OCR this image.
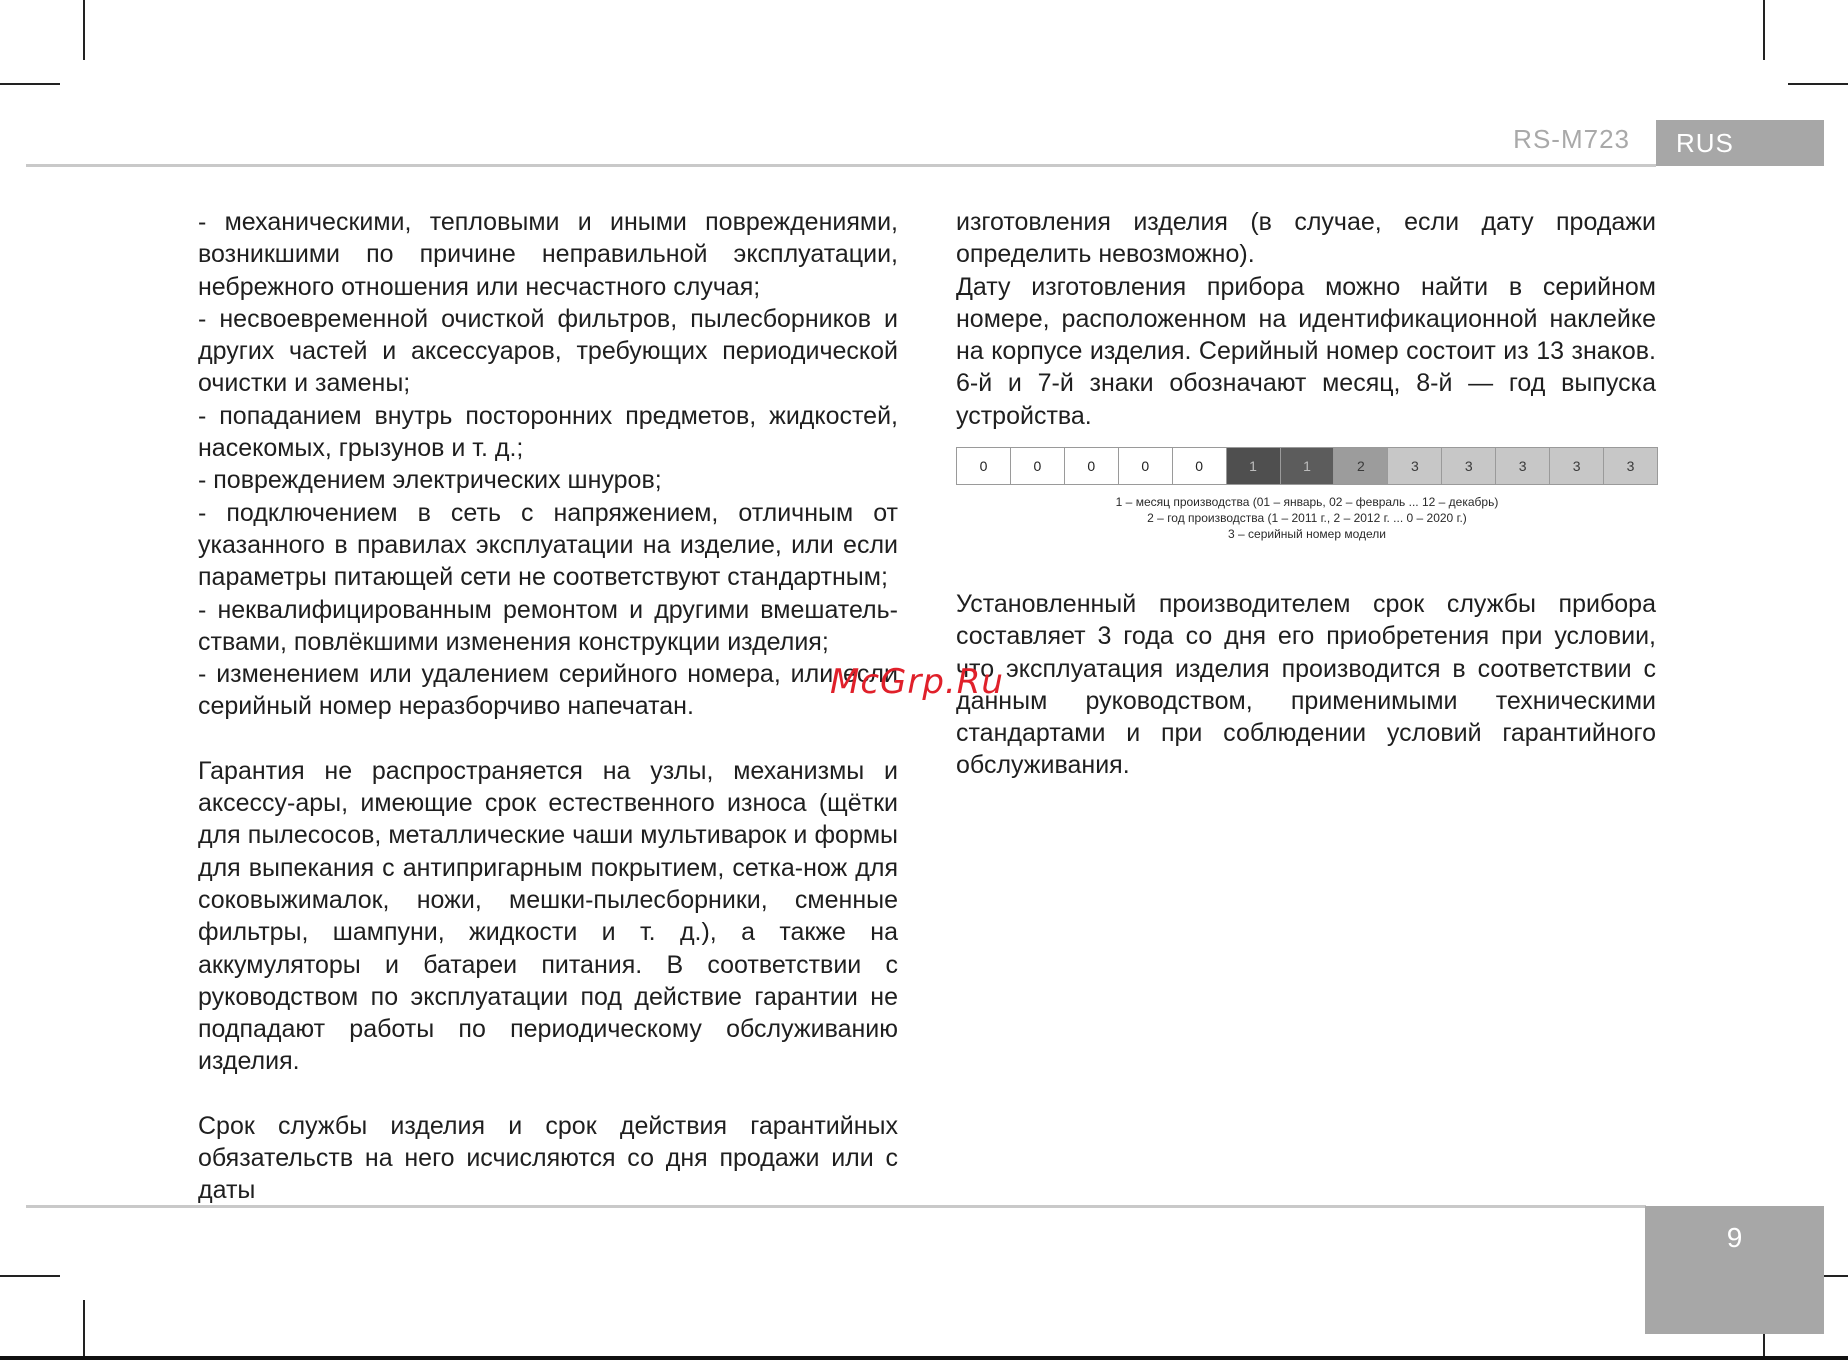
RS-M723	RUS

- механическими, тепловыми и иными повреждениями, возникшими по причине неправильной эксплуатации, небрежного отношения или несчастного случая;

- несвоевременной очисткой фильтров, пылесборников и других частей и аксессуаров, требующих периодической очистки и замены;

- попаданием внутрь посторонних предметов, жидкостей, насекомых, грызунов и т. д.;

- повреждением электрических шнуров;

- подключением в сеть с напряжением, отличным от указанного в правилах эксплуатации на изделие, или если параметры питающей сети не соответствуют стандартным;

- неквалифицированным ремонтом и другими вмешатель-ствами, повлёкшими изменения конструкции изделия;

- изменением или удалением серийного номера, или если серийный номер неразборчиво напечатан.

Гарантия не распространяется на узлы, механизмы и аксессу-ары, имеющие срок естественного износа (щётки для пылесосов, металлические чаши мультиварок и формы для выпекания с антипригарным покрытием, сетка-нож для соковыжималок, ножи, мешки-пылесборники, сменные фильтры, шампуни, жидкости и т. д.), а также на аккумуляторы и батареи питания. В соответствии с руководством по эксплуатации под действие гарантии не подпадают работы по периодическому обслуживанию изделия.

Срок службы изделия и срок действия гарантийных обязательств на него исчисляются со дня продажи или с даты

изготовления изделия (в случае, если дату продажи определить невозможно).

Дату изготовления прибора можно найти в серийном номере, расположенном на идентификационной наклейке на корпусе изделия. Серийный номер состоит из 13 знаков. 6-й и 7-й знаки обозначают месяц, 8-й — год выпуска устройства.

0	0	0	0	0	1	1	2	3	3	3	3	3
1 – месяц производства (01 – январь, 02 – февраль ... 12 – декабрь)
2 – год производства (1 – 2011 г., 2 – 2012 г. ... 0 – 2020 г.)
3 – серийный номер модели

Установленный производителем срок службы прибора составляет 3 года со дня его приобретения при условии, что эксплуатация изделия производится в соответствии с данным руководством, применимыми техническими стандартами и при соблюдении условий гарантийного обслуживания.

McGrp.Ru
9
